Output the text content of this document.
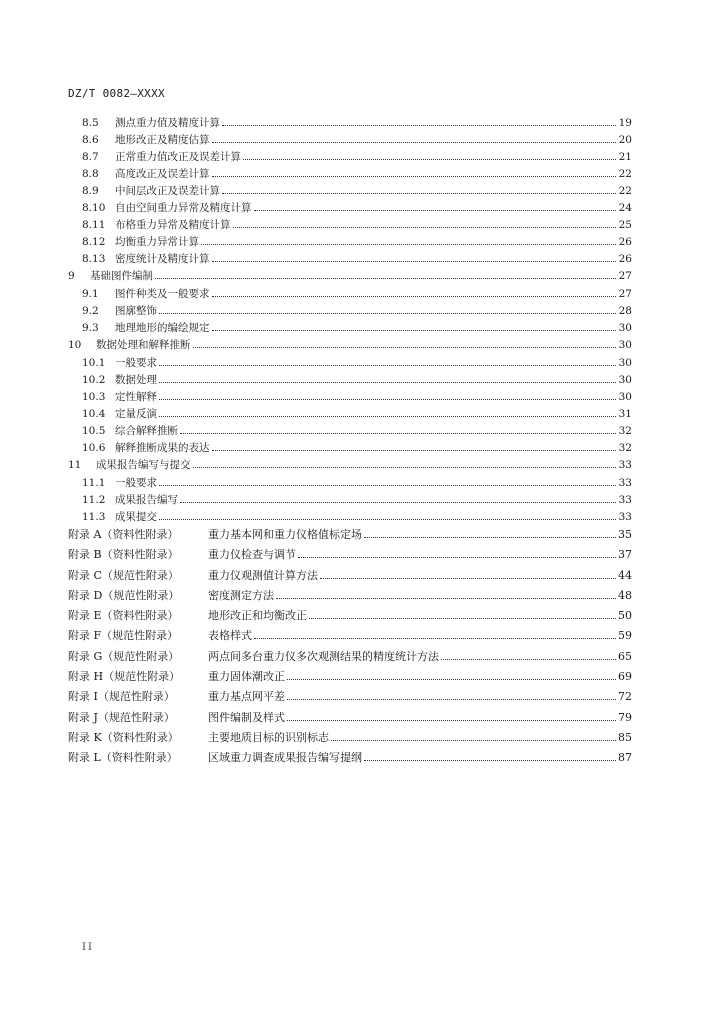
DZ/T 0082—XXXX
8.5	测点重力值及精度计算	19
8.6	地形改正及精度估算	20
8.7	正常重力值改正及误差计算	21
8.8	高度改正及误差计算	22
8.9	中间层改正及误差计算	22
8.10 自由空间重力异常及精度计算	24
8.11 布格重力异常及精度计算	25
8.12 均衡重力异常计算	26
8.13 密度统计及精度计算	26
9	基础图件编制	27
9.1	图件种类及一般要求	27
9.2	图廓整饰	28
9.3	地理地形的编绘规定	30
10	数据处理和解释推断	30
10.1 一般要求	30
10.2 数据处理	30
10.3 定性解释	30
10.4 定量反演	31
10.5 综合解释推断	32
10.6 解释推断成果的表达	32
11	成果报告编写与提交	33
11.1 一般要求	33
11.2 成果报告编写	33
11.3 成果提交	33
附录 A（资料性附录）	重力基本网和重力仪格值标定场	35
附录 B（资料性附录）	重力仪检查与调节	37
附录 C（规范性附录）	重力仪观测值计算方法	44
附录 D（规范性附录）	密度测定方法	48
附录 E（资料性附录）	地形改正和均衡改正	50
附录 F（规范性附录）	表格样式	59
附录 G（规范性附录）	两点间多台重力仪多次观测结果的精度统计方法	65
附录 H（规范性附录）	重力固体潮改正	69
附录 I（规范性附录）	重力基点网平差	72
附录 J（规范性附录）	图件编制及样式	79
附录 K（资料性附录）	主要地质目标的识别标志	85
附录 L（资料性附录）	区域重力调查成果报告编写提纲	87
II
